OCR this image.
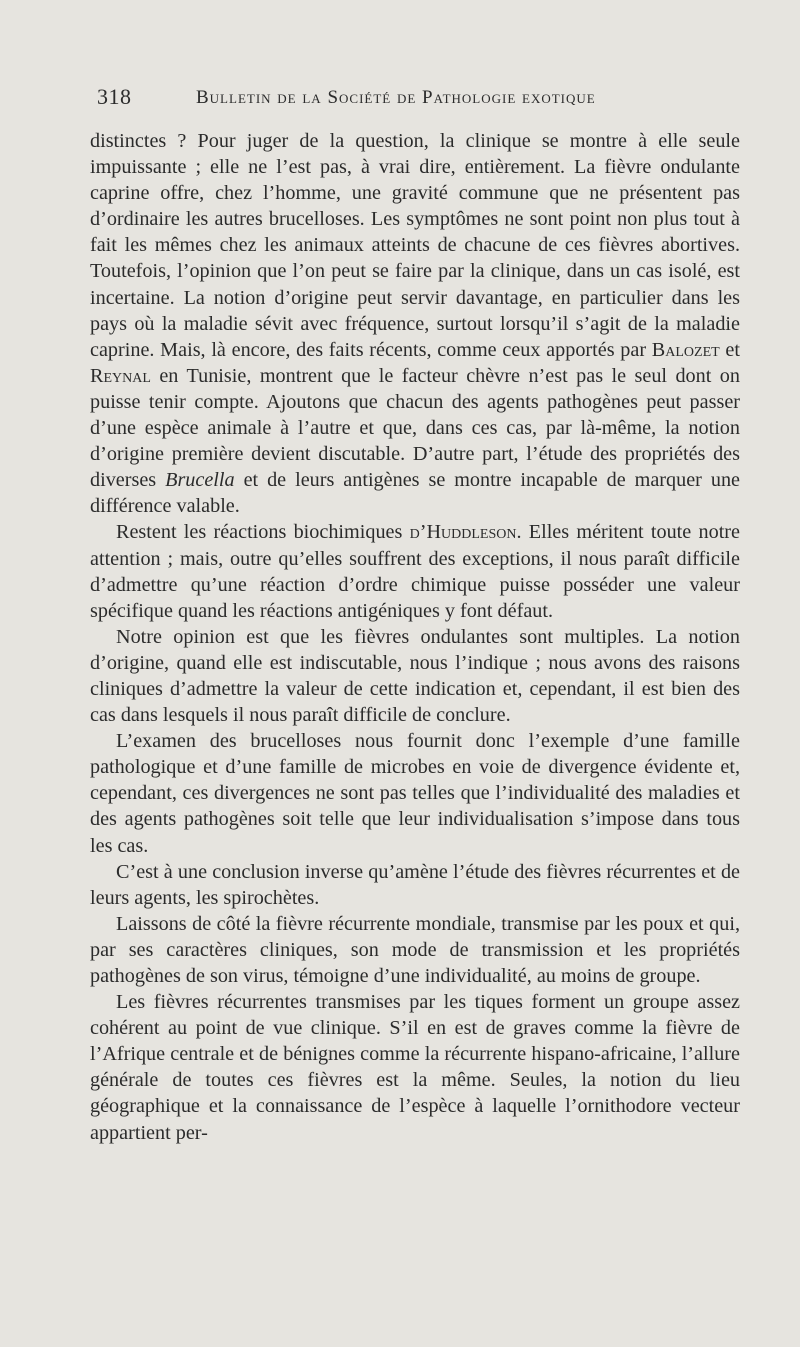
318	Bulletin de la Société de Pathologie exotique

distinctes ? Pour juger de la question, la clinique se montre à elle seule impuissante ; elle ne l’est pas, à vrai dire, entièrement. La fièvre ondulante caprine offre, chez l’homme, une gravité commune que ne présentent pas d’ordinaire les autres brucelloses. Les symptômes ne sont point non plus tout à fait les mêmes chez les animaux atteints de chacune de ces fièvres abortives. Toutefois, l’opinion que l’on peut se faire par la clinique, dans un cas isolé, est incertaine. La notion d’origine peut servir davantage, en particulier dans les pays où la maladie sévit avec fréquence, surtout lorsqu’il s’agit de la maladie caprine. Mais, là encore, des faits récents, comme ceux apportés par Balozet et Reynal en Tunisie, montrent que le facteur chèvre n’est pas le seul dont on puisse tenir compte. Ajoutons que chacun des agents pathogènes peut passer d’une espèce animale à l’autre et que, dans ces cas, par là-même, la notion d’origine première devient discutable. D’autre part, l’étude des propriétés des diverses Brucella et de leurs antigènes se montre incapable de marquer une différence valable.

Restent les réactions biochimiques d’Huddleson. Elles méritent toute notre attention ; mais, outre qu’elles souffrent des exceptions, il nous paraît difficile d’admettre qu’une réaction d’ordre chimique puisse posséder une valeur spécifique quand les réactions antigéniques y font défaut.

Notre opinion est que les fièvres ondulantes sont multiples. La notion d’origine, quand elle est indiscutable, nous l’indique ; nous avons des raisons cliniques d’admettre la valeur de cette indication et, cependant, il est bien des cas dans lesquels il nous paraît difficile de conclure.

L’examen des brucelloses nous fournit donc l’exemple d’une famille pathologique et d’une famille de microbes en voie de divergence évidente et, cependant, ces divergences ne sont pas telles que l’individualité des maladies et des agents pathogènes soit telle que leur individualisation s’impose dans tous les cas.

C’est à une conclusion inverse qu’amène l’étude des fièvres récurrentes et de leurs agents, les spirochètes.

Laissons de côté la fièvre récurrente mondiale, transmise par les poux et qui, par ses caractères cliniques, son mode de transmission et les propriétés pathogènes de son virus, témoigne d’une individualité, au moins de groupe.

Les fièvres récurrentes transmises par les tiques forment un groupe assez cohérent au point de vue clinique. S’il en est de graves comme la fièvre de l’Afrique centrale et de bénignes comme la récurrente hispano-africaine, l’allure générale de toutes ces fièvres est la même. Seules, la notion du lieu géographique et la connaissance de l’espèce à laquelle l’ornithodore vecteur appartient per-
